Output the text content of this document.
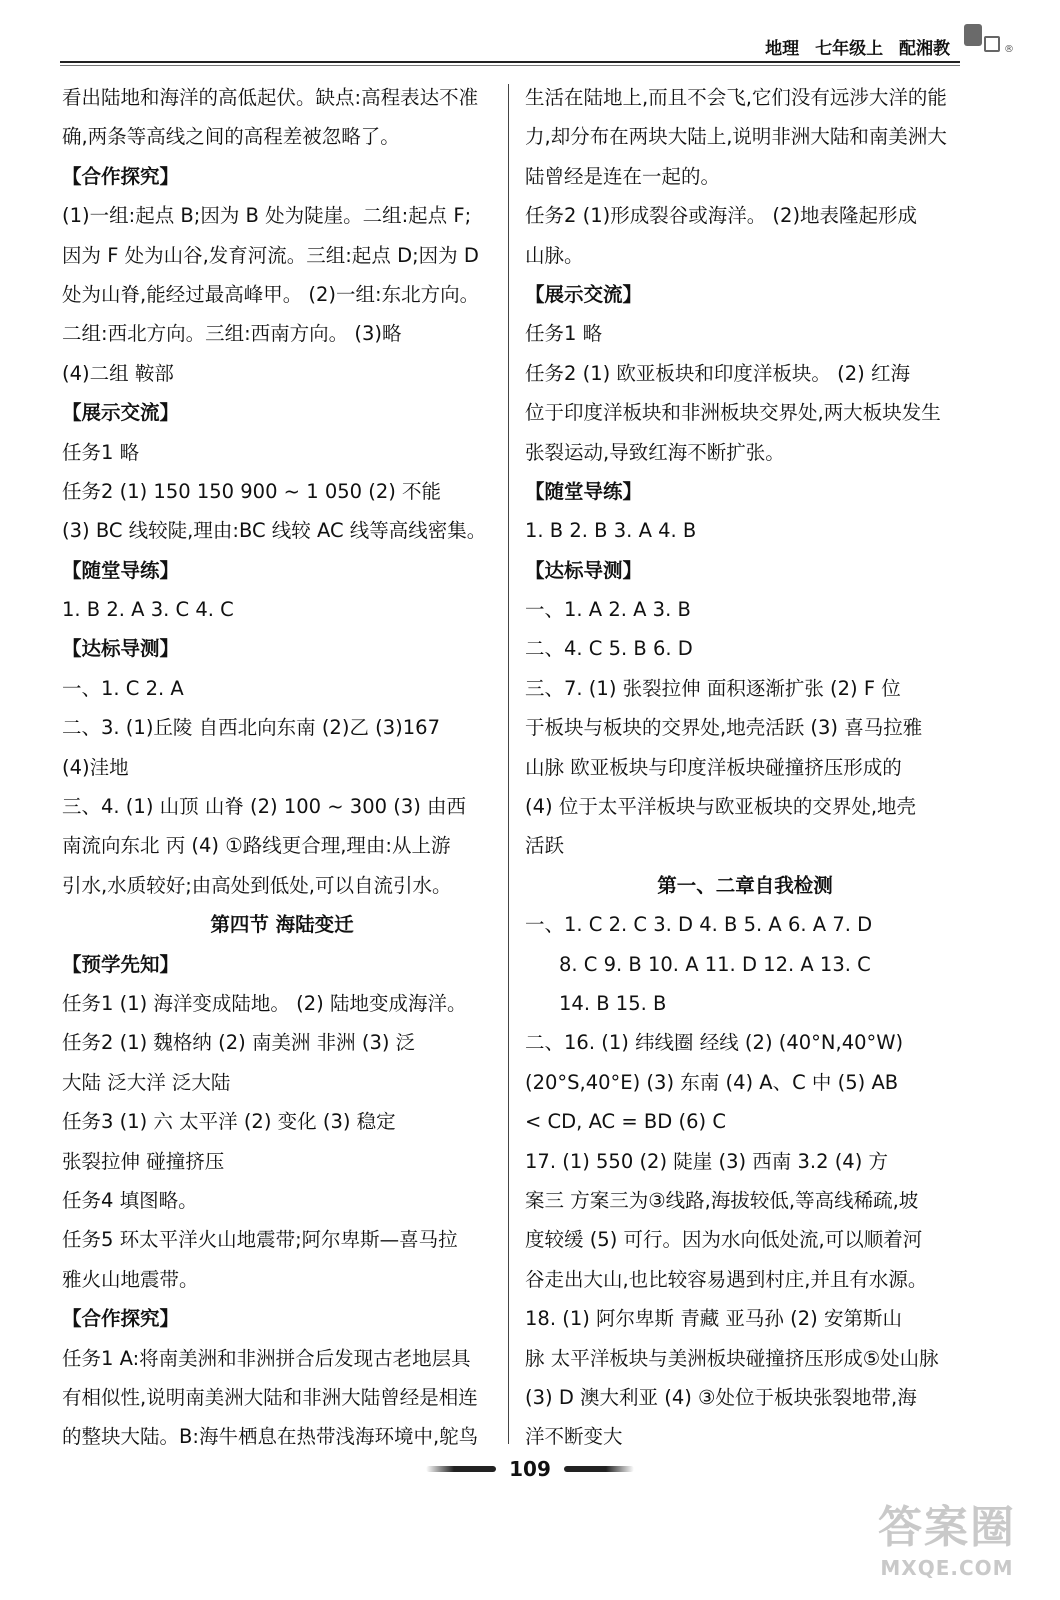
地理 七年级上 配湘教	®
看出陆地和海洋的高低起伏。缺点:高程表达不准
确,两条等高线之间的高程差被忽略了。
【合作探究】
(1)一组:起点 B;因为 B 处为陡崖。二组:起点 F;
因为 F 处为山谷,发育河流。三组:起点 D;因为 D
处为山脊,能经过最高峰甲。 (2)一组:东北方向。
二组:西北方向。三组:西南方向。 (3)略
(4)二组 鞍部
【展示交流】
任务1 略
任务2 (1) 150 150 900 ~ 1 050 (2) 不能
(3) BC 线较陡,理由:BC 线较 AC 线等高线密集。
【随堂导练】
1. B 2. A 3. C 4. C
【达标导测】
一、1. C 2. A
二、3. (1)丘陵 自西北向东南 (2)乙 (3)167
(4)洼地
三、4. (1) 山顶 山脊 (2) 100 ~ 300 (3) 由西
南流向东北 丙 (4) ①路线更合理,理由:从上游
引水,水质较好;由高处到低处,可以自流引水。
第四节 海陆变迁
【预学先知】
任务1 (1) 海洋变成陆地。 (2) 陆地变成海洋。
任务2 (1) 魏格纳 (2) 南美洲 非洲 (3) 泛
大陆 泛大洋 泛大陆
任务3 (1) 六 太平洋 (2) 变化 (3) 稳定
张裂拉伸 碰撞挤压
任务4 填图略。
任务5 环太平洋火山地震带;阿尔卑斯—喜马拉
雅火山地震带。
【合作探究】
任务1 A:将南美洲和非洲拼合后发现古老地层具
有相似性,说明南美洲大陆和非洲大陆曾经是相连
的整块大陆。B:海牛栖息在热带浅海环境中,鸵鸟
生活在陆地上,而且不会飞,它们没有远涉大洋的能
力,却分布在两块大陆上,说明非洲大陆和南美洲大
陆曾经是连在一起的。
任务2 (1)形成裂谷或海洋。 (2)地表隆起形成
山脉。
【展示交流】
任务1 略
任务2 (1) 欧亚板块和印度洋板块。 (2) 红海
位于印度洋板块和非洲板块交界处,两大板块发生
张裂运动,导致红海不断扩张。
【随堂导练】
1. B 2. B 3. A 4. B
【达标导测】
一、1. A 2. A 3. B
二、4. C 5. B 6. D
三、7. (1) 张裂拉伸 面积逐渐扩张 (2) F 位
于板块与板块的交界处,地壳活跃 (3) 喜马拉雅
山脉 欧亚板块与印度洋板块碰撞挤压形成的
(4) 位于太平洋板块与欧亚板块的交界处,地壳
活跃
第一、二章自我检测
一、1. C 2. C 3. D 4. B 5. A 6. A 7. D
8. C 9. B 10. A 11. D 12. A 13. C
14. B 15. B
二、16. (1) 纬线圈 经线 (2) (40°N,40°W)
(20°S,40°E) (3) 东南 (4) A、C 中 (5) AB
< CD, AC = BD (6) C
17. (1) 550 (2) 陡崖 (3) 西南 3.2 (4) 方
案三 方案三为③线路,海拔较低,等高线稀疏,坡
度较缓 (5) 可行。因为水向低处流,可以顺着河
谷走出大山,也比较容易遇到村庄,并且有水源。
18. (1) 阿尔卑斯 青藏 亚马孙 (2) 安第斯山
脉 太平洋板块与美洲板块碰撞挤压形成⑤处山脉
(3) D 澳大利亚 (4) ③处位于板块张裂地带,海
洋不断变大
109
答案圈
MXQE.COM
